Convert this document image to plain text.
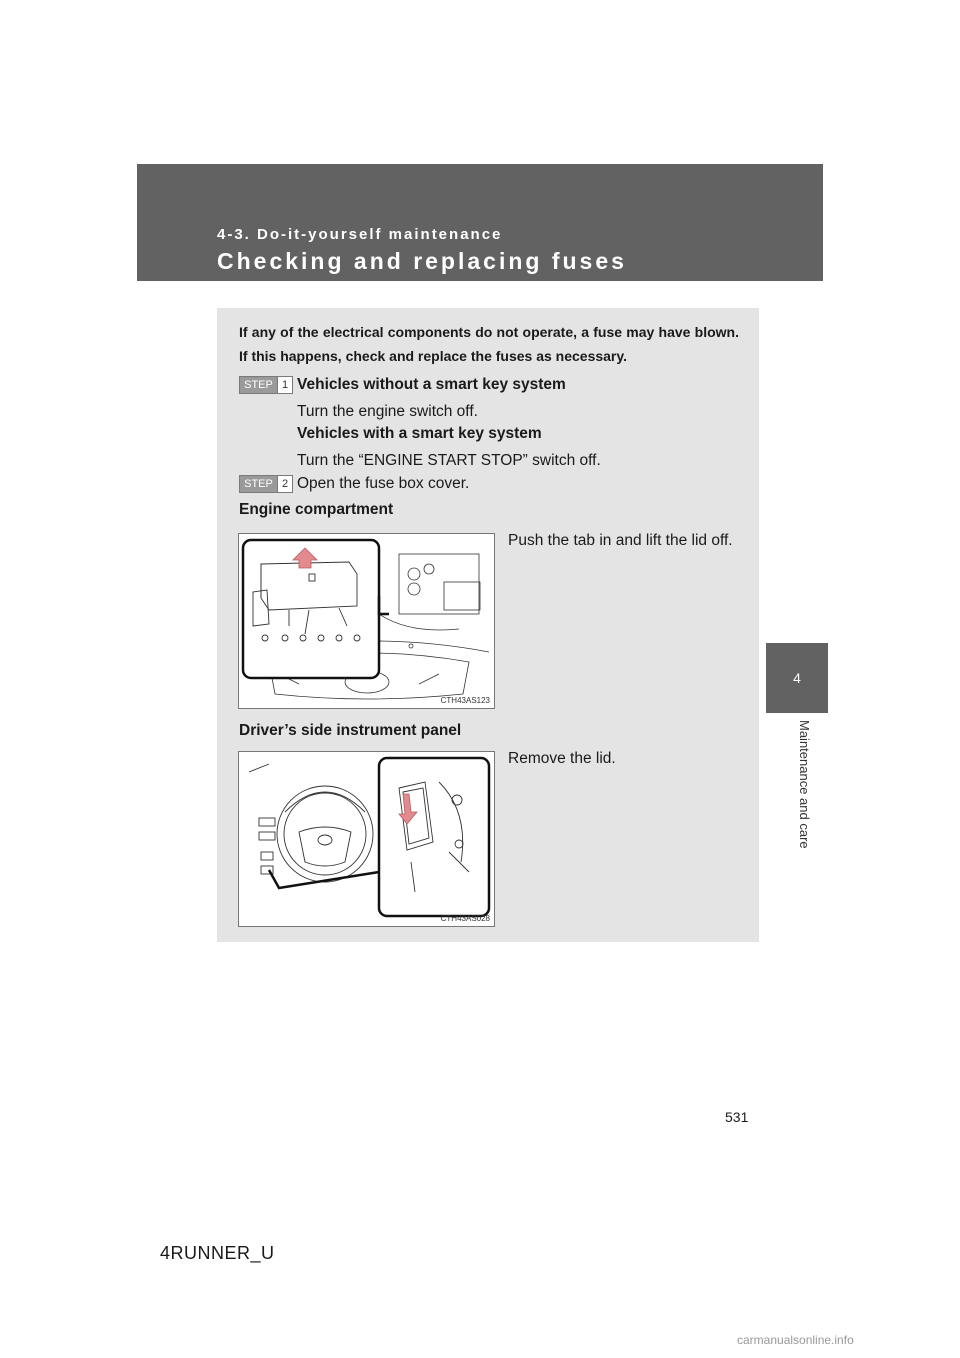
4-3. Do-it-yourself maintenance
Checking and replacing fuses
4
Maintenance and care
If any of the electrical components do not operate, a fuse may have blown. If this happens, check and replace the fuses as necessary.
STEP 1 Vehicles without a smart key system
Turn the engine switch off.
Vehicles with a smart key system
Turn the “ENGINE START STOP” switch off.
STEP 2 Open the fuse box cover.
Engine compartment
Push the tab in and lift the lid off.
CTH43AS123
Driver’s side instrument panel
Remove the lid.
CTH43AS028
531
4RUNNER_U
carmanualsonline.info
